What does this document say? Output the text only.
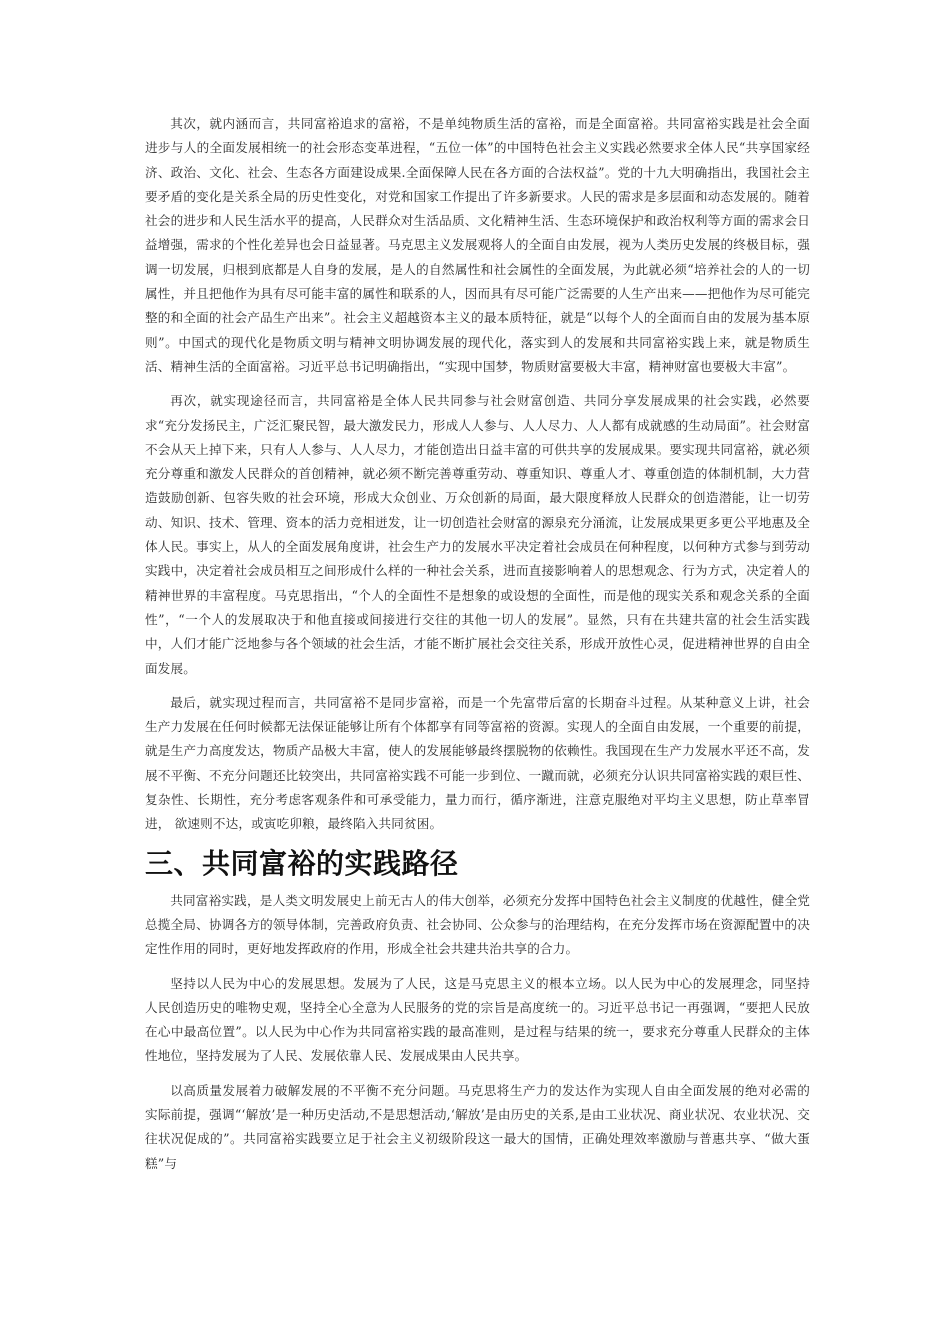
其次，就内涵而言，共同富裕追求的富裕，不是单纯物质生活的富裕，而是全面富裕。共同富裕实践是社会全面 进步与人的全面发展相统一的社会形态变革进程，“五位一体”的中国特色社会主义实践必然要求全体人民“共享国家经 济、政治、文化、社会、生态各方面建设成果.全面保障人民在各方面的合法权益”。党的十九大明确指出，我国社会主 要矛盾的变化是关系全局的历史性变化，对党和国家工作提出了许多新要求。人民的需求是多层面和动态发展的。随着社会的进步和人民生活水平的提高，人民群众对生活品质、文化精神生活、生态环境保护和政治权利等方面的需求会日益增强，需求的个性化差异也会日益显著。马克思主义发展观将人的全面自由发展，视为人类历史发展的终极目标，强调一切发展，归根到底都是人自身的发展，是人的自然属性和社会属性的全面发展，为此就必须“培养社会的人的一切属性，并且把他作为具有尽可能丰富的属性和联系的人，因而具有尽可能广泛需要的人生产出来——把他作为尽可能完整的和全面的社会产品生产出来”。社会主义超越资本主义的最本质特征，就是“以每个人的全面而自由的发展为基本原则”。中国式的现代化是物质文明与精神文明协调发展的现代化，落实到人的发展和共同富裕实践上来，就是物质生活、精神生活的全面富裕。习近平总书记明确指出，“实现中国梦，物质财富要极大丰富，精神财富也要极大丰富”。

再次，就实现途径而言，共同富裕是全体人民共同参与社会财富创造、共同分享发展成果的社会实践，必然要求“充分发扬民主，广泛汇聚民智，最大激发民力，形成人人参与、人人尽力、人人都有成就感的生动局面”。社会财富不会从天上掉下来，只有人人参与、人人尽力，才能创造出日益丰富的可供共享的发展成果。要实现共同富裕，就必须充分尊重和激发人民群众的首创精神，就必须不断完善尊重劳动、尊重知识、尊重人才、尊重创造的体制机制，大力营造鼓励创新、包容失败的社会环境，形成大众创业、万众创新的局面，最大限度释放人民群众的创造潜能，让一切劳动、知识、技术、管理、资本的活力竞相迸发，让一切创造社会财富的源泉充分涌流，让发展成果更多更公平地惠及全体人民。事实上，从人的全面发展角度讲，社会生产力的发展水平决定着社会成员在何种程度，以何种方式参与到劳动实践中，决定着社会成员相互之间形成什么样的一种社会关系，进而直接影响着人的思想观念、行为方式，决定着人的精神世界的丰富程度。马克思指出，“个人的全面性不是想象的或设想的全面性，而是他的现实关系和观念关系的全面性”，“一个人的发展取决于和他直接或间接进行交往的其他一切人的发展”。显然，只有在共建共富的社会生活实践中，人们才能广泛地参与各个领域的社会生活，才能不断扩展社会交往关系，形成开放性心灵，促进精神世界的自由全面发展。

最后，就实现过程而言，共同富裕不是同步富裕，而是一个先富带后富的长期奋斗过程。从某种意义上讲，社会 生产力发展在任何时候都无法保证能够让所有个体都享有同等富裕的资源。实现人的全面自由发展，一个重要的前提， 就是生产力高度发达，物质产品极大丰富，使人的发展能够最终摆脱物的依赖性。我国现在生产力发展水平还不高，发展不平衡、不充分问题还比较突出，共同富裕实践不可能一步到位、一蹴而就，必须充分认识共同富裕实践的艰巨性、复杂性、长期性，充分考虑客观条件和可承受能力，量力而行，循序渐进，注意克服绝对平均主义思想，防止草率冒进， 欲速则不达，或寅吃卯粮，最终陷入共同贫困。

三、共同富裕的实践路径

共同富裕实践，是人类文明发展史上前无古人的伟大创举，必须充分发挥中国特色社会主义制度的优越性，健全党总揽全局、协调各方的领导体制，完善政府负责、社会协同、公众参与的治理结构，在充分发挥市场在资源配置中的决定性作用的同时，更好地发挥政府的作用，形成全社会共建共治共享的合力。

坚持以人民为中心的发展思想。发展为了人民，这是马克思主义的根本立场。以人民为中心的发展理念，同坚持 人民创造历史的唯物史观，坚持全心全意为人民服务的党的宗旨是高度统一的。习近平总书记一再强调，“要把人民放在心中最高位置”。以人民为中心作为共同富裕实践的最高准则，是过程与结果的统一，要求充分尊重人民群众的主体性地位，坚持发展为了人民、发展依靠人民、发展成果由人民共享。

以高质量发展着力破解发展的不平衡不充分问题。马克思将生产力的发达作为实现人自由全面发展的绝对必需的 实际前提，强调“‘解放’是一种历史活动,不是思想活动,‘解放’是由历史的关系,是由工业状况、商业状况、农业状况、交往状况促成的”。共同富裕实践要立足于社会主义初级阶段这一最大的国情，正确处理效率激励与普惠共享、“做大蛋糕”与
